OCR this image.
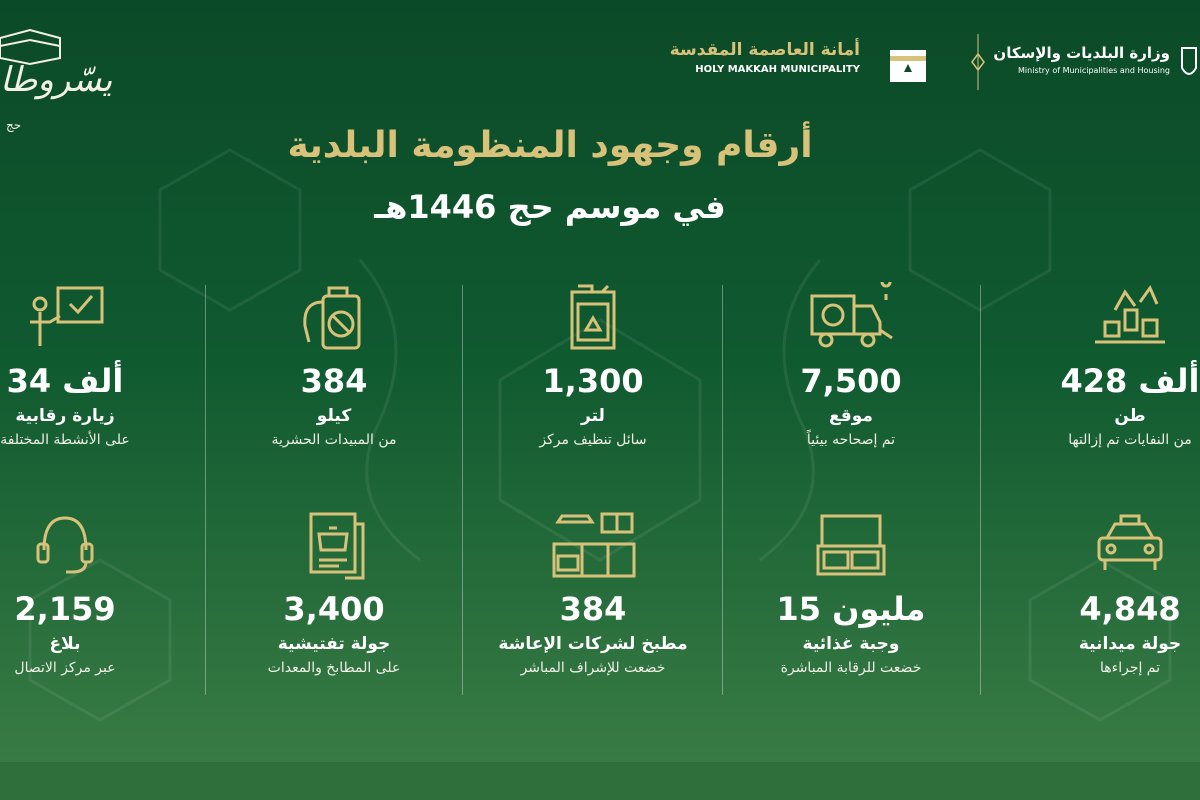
يسّروطا
حج
أمانة العاصمة المقدسة
HOLY MAKKAH MUNICIPALITY
وزارة البلديات والإسكان
Ministry of Municipalities and Housing
أرقام وجهود المنظومة البلدية
في موسم حج 1446هـ
428 ألف
طن
من النفايات تم إزالتها
7,500
موقع
تم إصحاحه بيئياً
1,300
لتر
سائل تنظيف مركز
384
كيلو
من المبيدات الحشرية
34 ألف
زيارة رقابية
على الأنشطة المختلفة
4,848
جولة ميدانية
تم إجراءها
15 مليون
وجبة غذائية
خضعت للرقابة المباشرة
384
مطبخ لشركات الإعاشة
خضعت للإشراف المباشر
3,400
جولة تفتيشية
على المطابخ والمعدات
2,159
بلاغ
عبر مركز الاتصال
